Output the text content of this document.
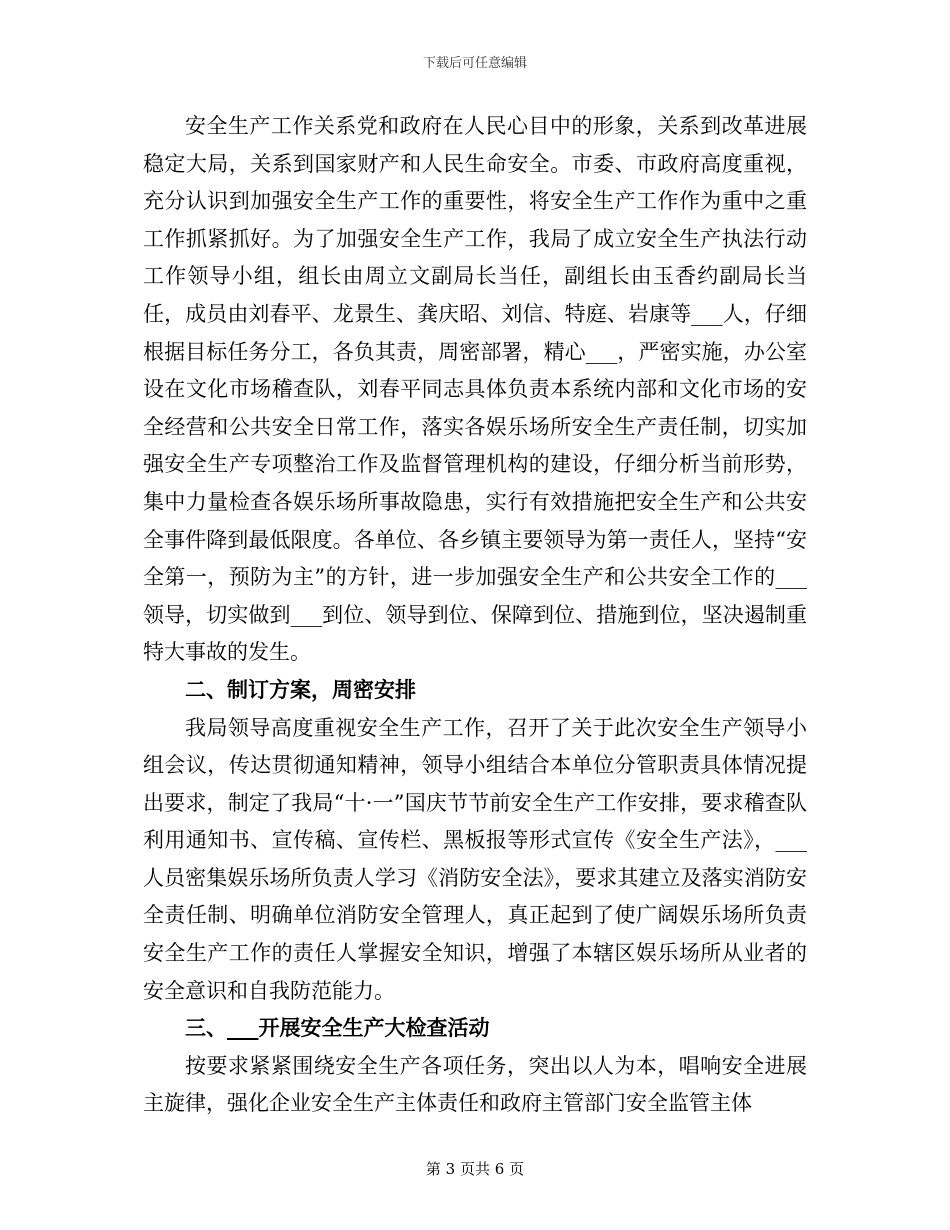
下载后可任意编辑

安全生产工作关系党和政府在人民心目中的形象，关系到改革进展稳定大局，关系到国家财产和人民生命安全。市委、市政府高度重视，充分认识到加强安全生产工作的重要性，将安全生产工作作为重中之重工作抓紧抓好。为了加强安全生产工作，我局了成立安全生产执法行动工作领导小组，组长由周立文副局长当任，副组长由玉香约副局长当任，成员由刘春平、龙景生、龚庆昭、刘信、特庭、岩康等___人，仔细根据目标任务分工，各负其责，周密部署，精心___，严密实施，办公室设在文化市场稽查队，刘春平同志具体负责本系统内部和文化市场的安全经营和公共安全日常工作，落实各娱乐场所安全生产责任制，切实加强安全生产专项整治工作及监督管理机构的建设，仔细分析当前形势，集中力量检查各娱乐场所事故隐患，实行有效措施把安全生产和公共安全事件降到最低限度。各单位、各乡镇主要领导为第一责任人，坚持“安全第一，预防为主”的方针，进一步加强安全生产和公共安全工作的___领导，切实做到___到位、领导到位、保障到位、措施到位，坚决遏制重特大事故的发生。

二、制订方案，周密安排

我局领导高度重视安全生产工作，召开了关于此次安全生产领导小组会议，传达贯彻通知精神，领导小组结合本单位分管职责具体情况提出要求，制定了我局“十·一”国庆节节前安全生产工作安排，要求稽查队利用通知书、宣传稿、宣传栏、黑板报等形式宣传《安全生产法》，___人员密集娱乐场所负责人学习《消防安全法》，要求其建立及落实消防安全责任制、明确单位消防安全管理人，真正起到了使广阔娱乐场所负责安全生产工作的责任人掌握安全知识，增强了本辖区娱乐场所从业者的安全意识和自我防范能力。

三、___开展安全生产大检查活动

按要求紧紧围绕安全生产各项任务，突出以人为本，唱响安全进展主旋律，强化企业安全生产主体责任和政府主管部门安全监管主体

第 3 页共 6 页
